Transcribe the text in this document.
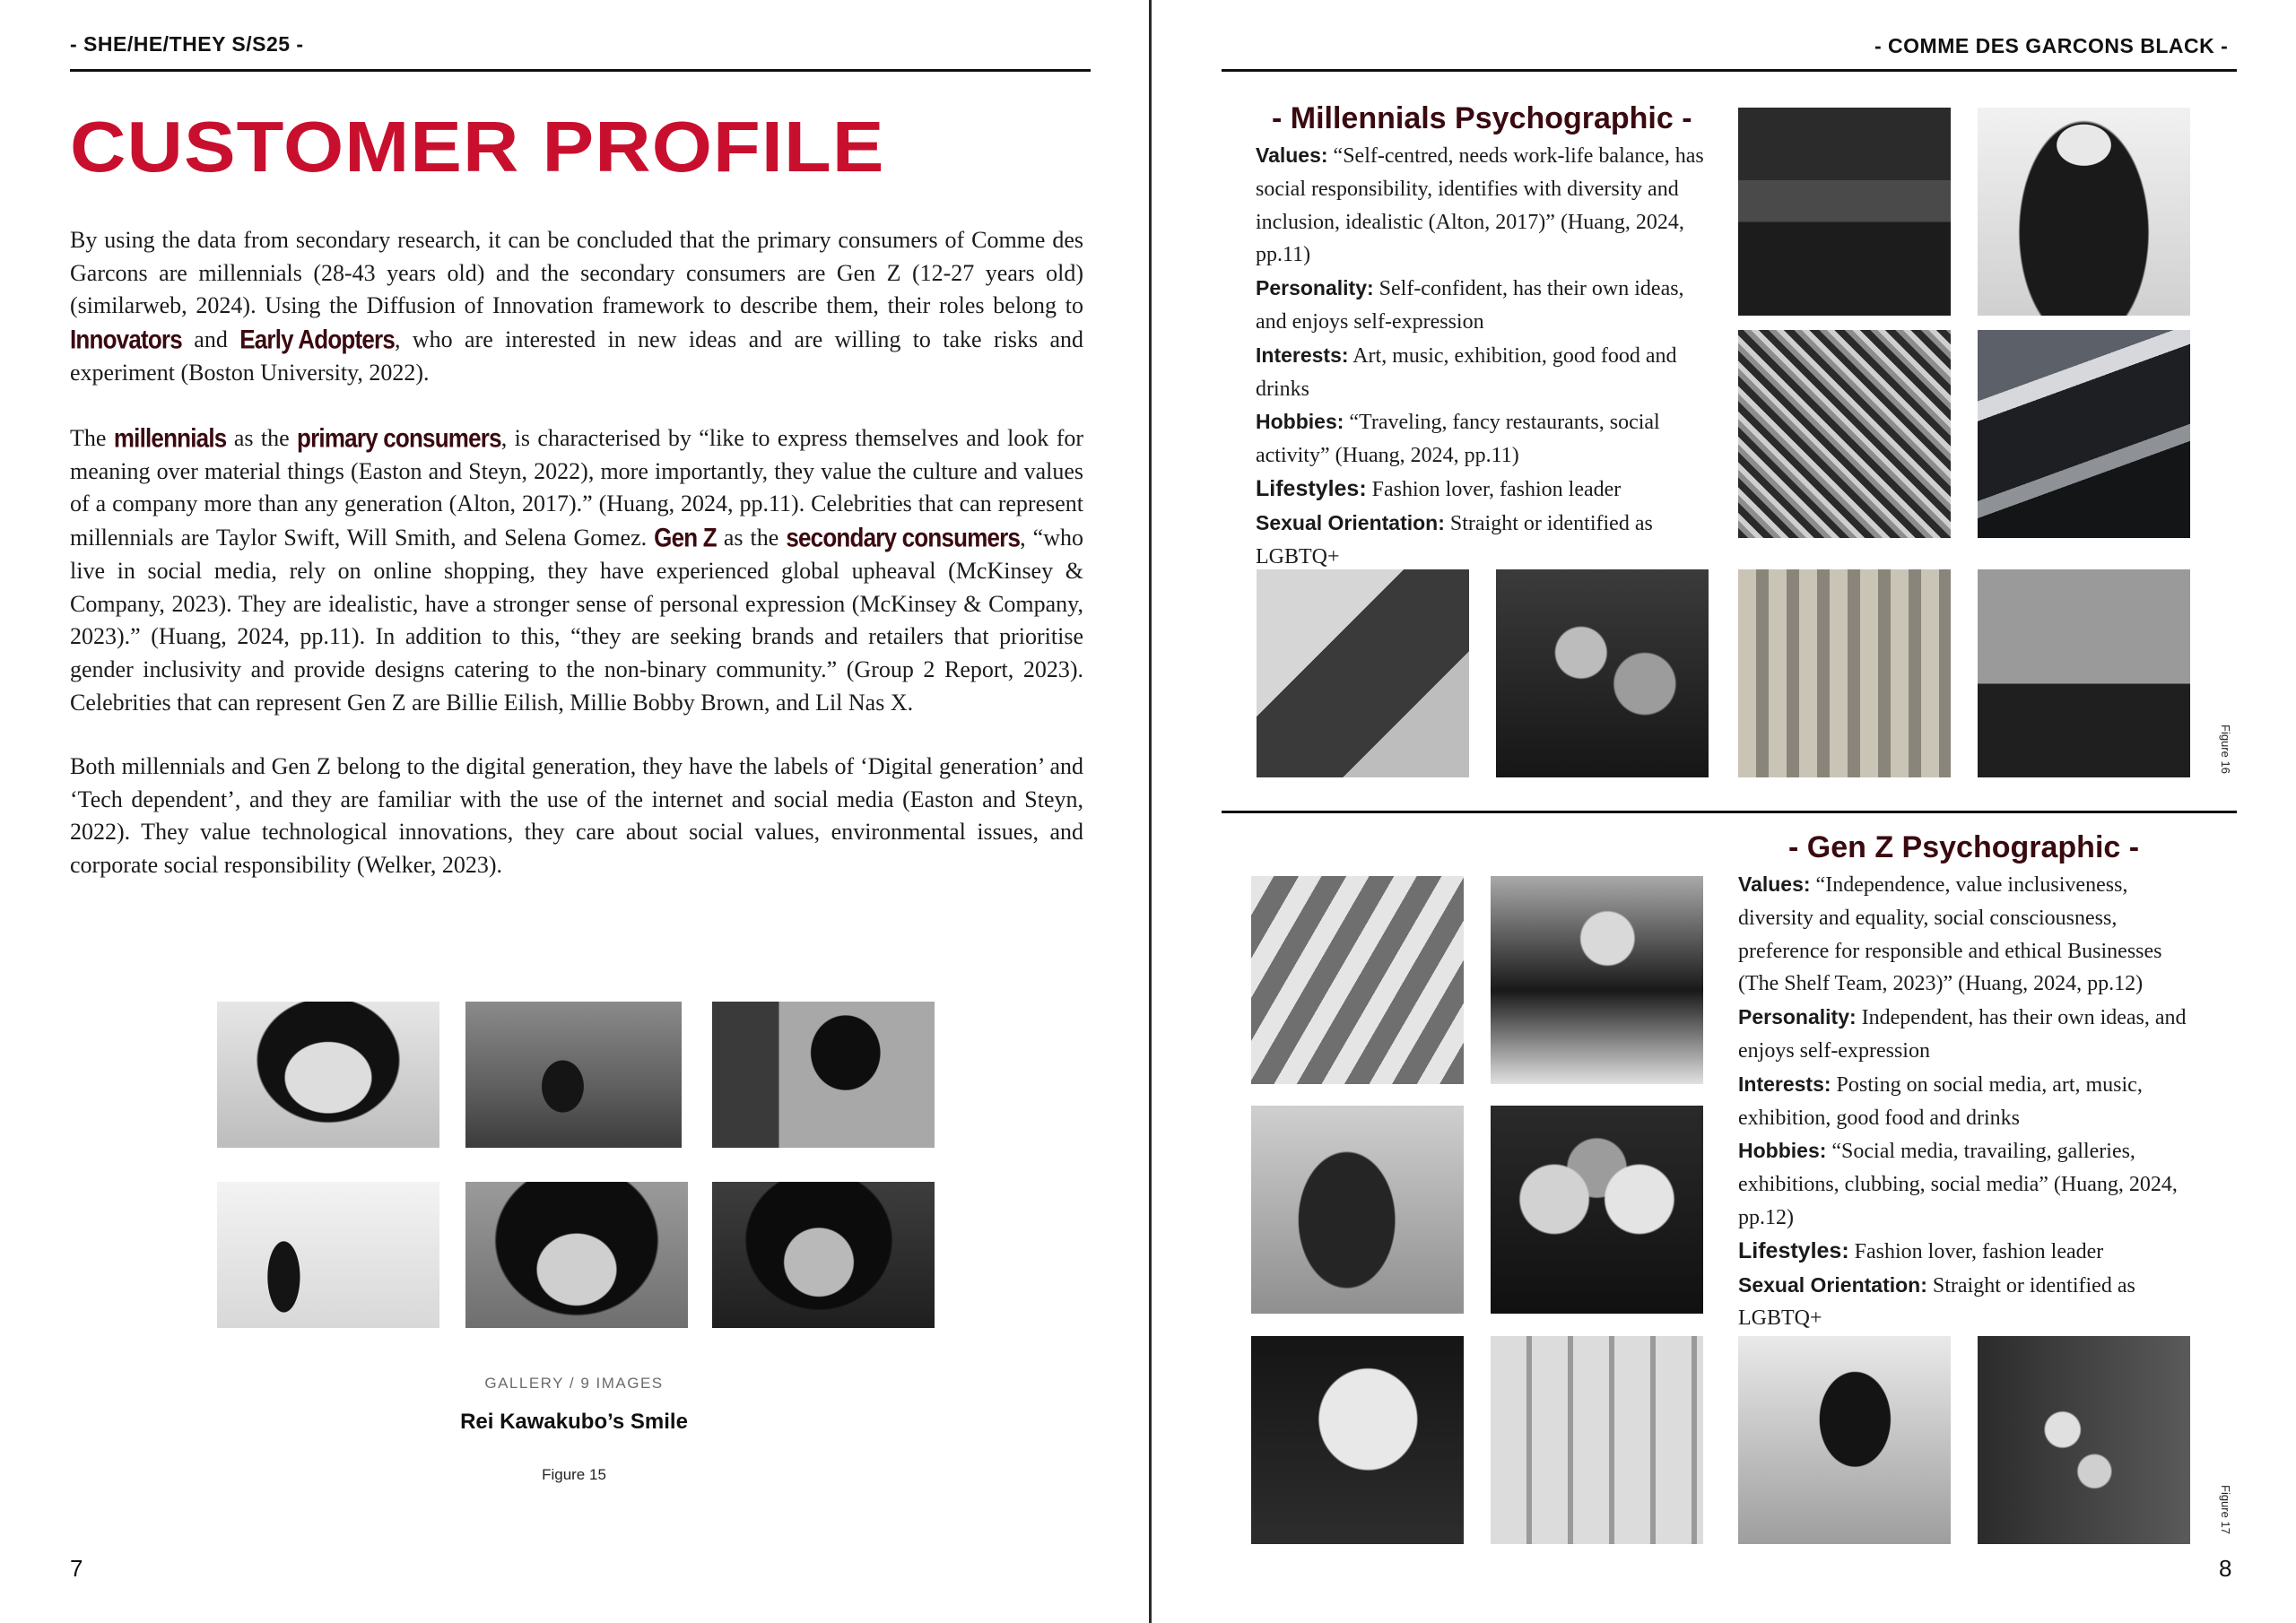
- SHE/HE/THEY S/S25 -
CUSTOMER PROFILE

By using the data from secondary research, it can be concluded that the primary consumers of Comme des Garcons are millennials (28-43 years old) and the secondary consumers are Gen Z (12-27 years old) (similarweb, 2024). Using the Diffusion of Innovation framework to describe them, their roles belong to Innovators and Early Adopters, who are interested in new ideas and are willing to take risks and experiment (Boston University, 2022).

The millennials as the primary consumers, is characterised by “like to express themselves and look for meaning over material things (Easton and Steyn, 2022), more importantly, they value the culture and values of a company more than any generation (Alton, 2017).” (Huang, 2024, pp.11). Celebrities that can represent millennials are Taylor Swift, Will Smith, and Selena Gomez. Gen Z as the secondary consumers, “who live in social media, rely on online shopping, they have experienced global upheaval (McKinsey & Company, 2023). They are idealistic, have a stronger sense of personal expression (McKinsey & Company, 2023).” (Huang, 2024, pp.11). In addition to this, “they are seeking brands and retailers that prioritise gender inclusivity and provide designs catering to the non-binary community.” (Group 2 Report, 2023). Celebrities that can represent Gen Z are Billie Eilish, Millie Bobby Brown, and Lil Nas X.

Both millennials and Gen Z belong to the digital generation, they have the labels of ‘Digital generation’ and ‘Tech dependent’, and they are familiar with the use of the internet and social media (Easton and Steyn, 2022). They value technological innovations, they care about social values, environmental issues, and corporate social responsibility (Welker, 2023).

GALLERY / 9 IMAGES
Rei Kawakubo’s Smile
Figure 15
7
- COMME DES GARCONS BLACK -
- Millennials Psychographic -

Values: “Self-centred, needs work-life balance, has social responsibility, identifies with diversity and inclusion, idealistic (Alton, 2017)” (Huang, 2024, pp.11)

Personality: Self-confident, has their own ideas, and enjoys self-expression

Interests: Art, music, exhibition, good food and drinks

Hobbies: “Traveling, fancy restaurants, social activity” (Huang, 2024, pp.11)

Lifestyles: Fashion lover, fashion leader

Sexual Orientation: Straight or identified as LGBTQ+

Figure 16
- Gen Z Psychographic -

Values: “Independence, value inclusiveness, diversity and equality, social consciousness, preference for responsible and ethical Businesses (The Shelf Team, 2023)” (Huang, 2024, pp.12)

Personality: Independent, has their own ideas, and enjoys self-expression

Interests: Posting on social media, art, music, exhibition, good food and drinks

Hobbies: “Social media, travailing, galleries, exhibitions, clubbing, social media” (Huang, 2024, pp.12)

Lifestyles: Fashion lover, fashion leader

Sexual Orientation: Straight or identified as LGBTQ+

Figure 17
8
